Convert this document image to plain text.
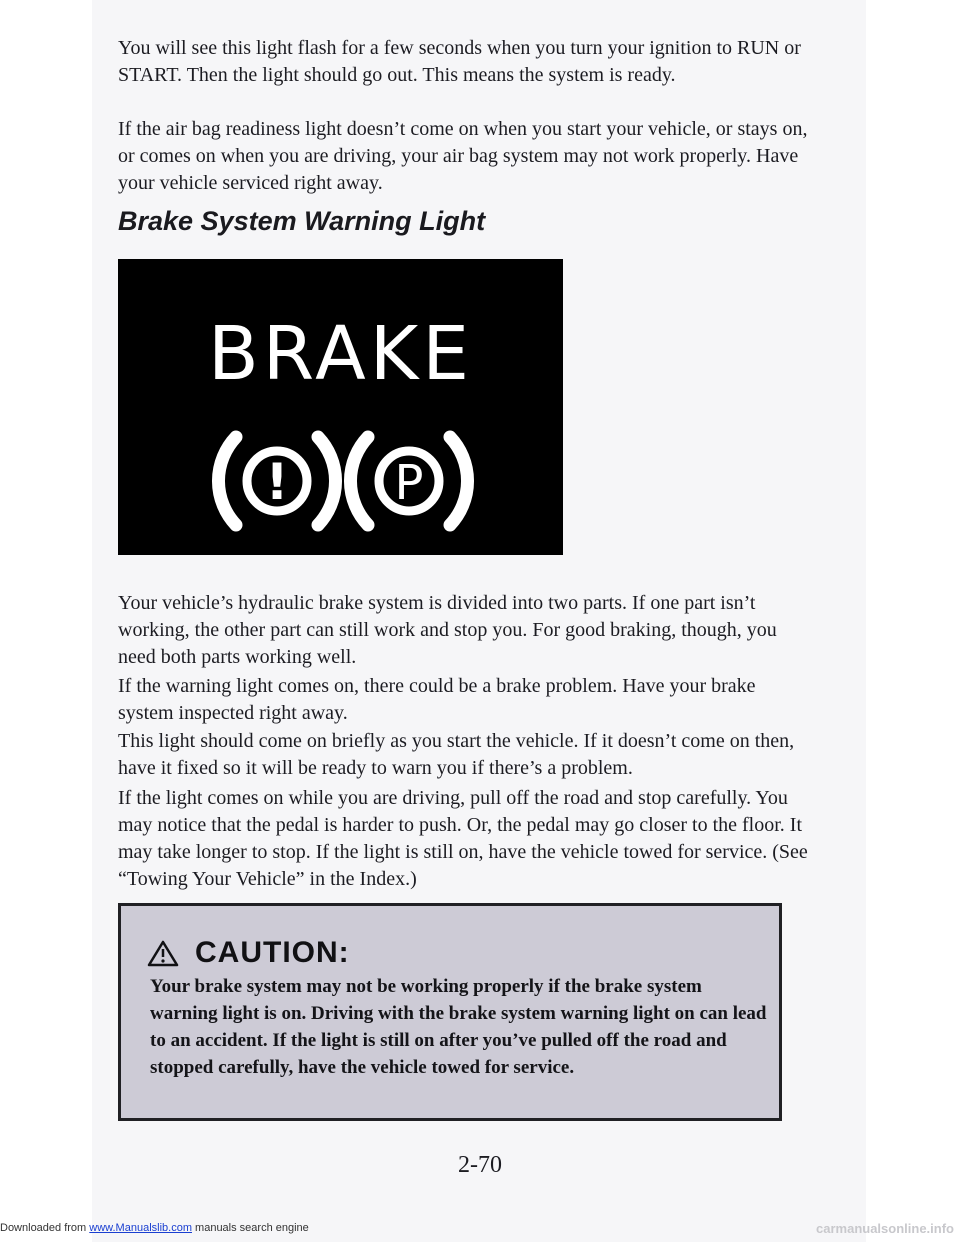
You will see this light flash for a few seconds when you turn your ignition to RUN or START. Then the light should go out. This means the system is ready.

If the air bag readiness light doesn’t come on when you start your vehicle, or stays on, or comes on when you are driving, your air bag system may not work properly. Have your vehicle serviced right away.

Brake System Warning Light
BRAKE
! P

Your vehicle’s hydraulic brake system is divided into two parts. If one part isn’t working, the other part can still work and stop you. For good braking, though, you need both parts working well.

If the warning light comes on, there could be a brake problem. Have your brake system inspected right away.

This light should come on briefly as you start the vehicle. If it doesn’t come on then, have it fixed so it will be ready to warn you if there’s a problem.

If the light comes on while you are driving, pull off the road and stop carefully. You may notice that the pedal is harder to push. Or, the pedal may go closer to the floor. It may take longer to stop. If the light is still on, have the vehicle towed for service. (See “Towing Your Vehicle” in the Index.)

CAUTION:

Your brake system may not be working properly if the brake system warning light is on. Driving with the brake system warning light on can lead to an accident. If the light is still on after you’ve pulled off the road and stopped carefully, have the vehicle towed for service.

2-70
Downloaded from www.Manualslib.com manuals search engine	carmanualsonline.info
